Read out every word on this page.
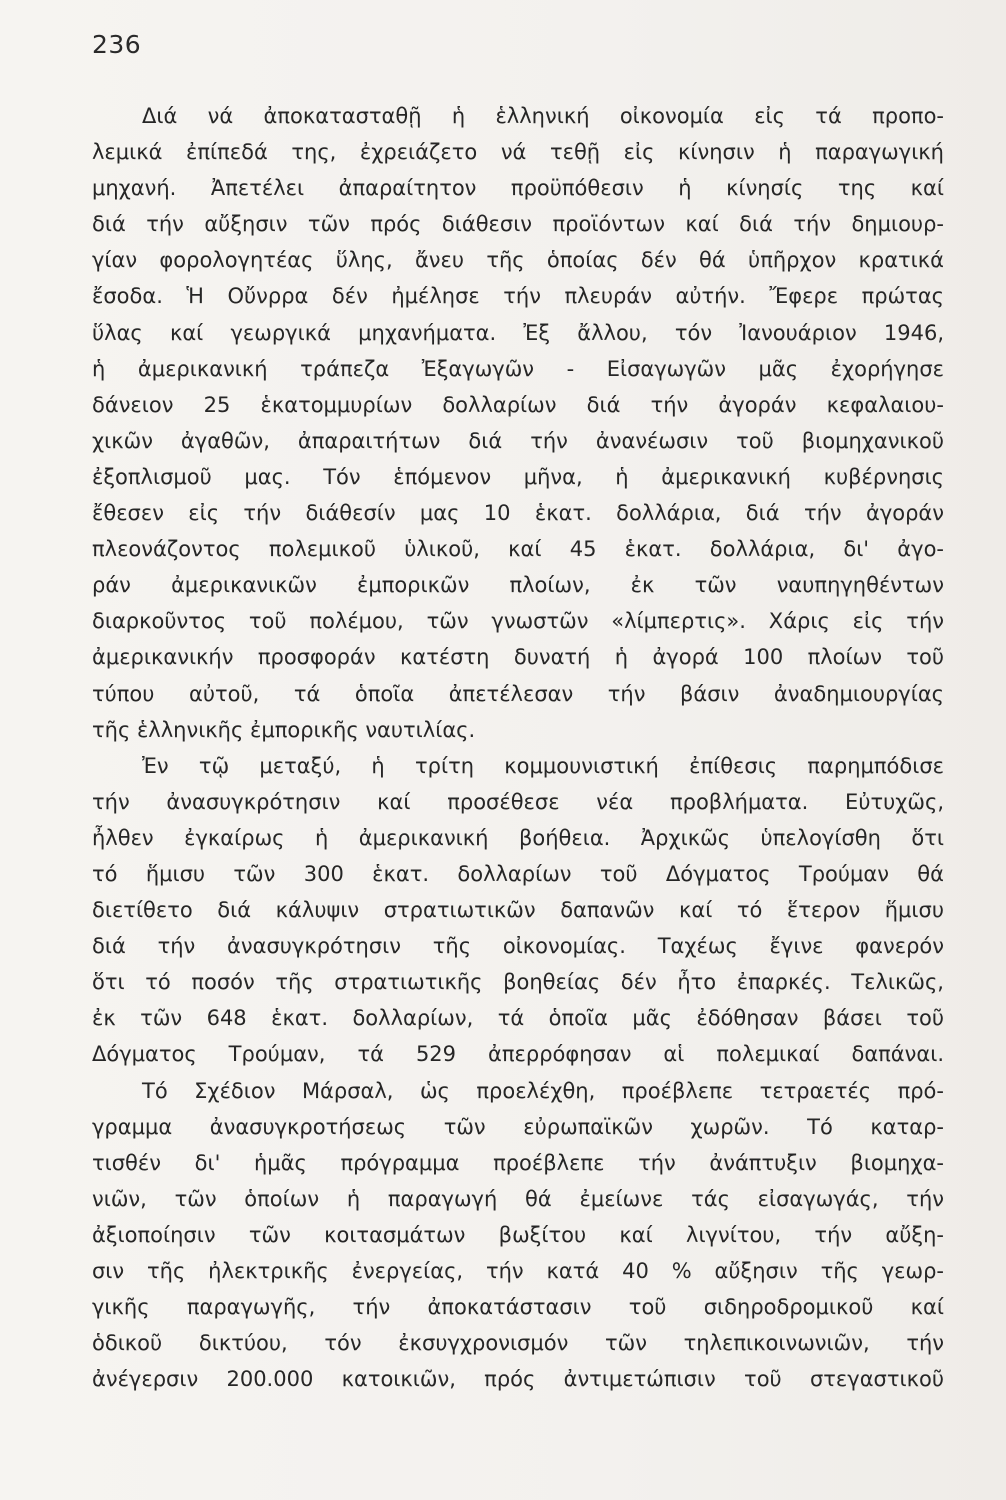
236
Διά νά ἀποκατασταθῇ ἡ ἑλληνική οἰκονομία εἰς τά προπο-
λεμικά ἐπίπεδά της, ἐχρειάζετο νά τεθῇ εἰς κίνησιν ἡ παραγωγική
μηχανή. Ἀπετέλει ἀπαραίτητον προϋπόθεσιν ἡ κίνησίς της καί
διά τήν αὔξησιν τῶν πρός διάθεσιν προϊόντων καί διά τήν δημιουρ-
γίαν φορολογητέας ὕλης, ἄνευ τῆς ὁποίας δέν θά ὑπῆρχον κρατικά
ἔσοδα. Ἡ Οὔνρρα δέν ἠμέλησε τήν πλευράν αὐτήν. Ἔφερε πρώτας
ὕλας καί γεωργικά μηχανήματα. Ἐξ ἄλλου, τόν Ἰανουάριον 1946,
ἡ ἀμερικανική τράπεζα Ἐξαγωγῶν - Εἰσαγωγῶν μᾶς ἐχορήγησε
δάνειον 25 ἑκατομμυρίων δολλαρίων διά τήν ἀγοράν κεφαλαιου-
χικῶν ἀγαθῶν, ἀπαραιτήτων διά τήν ἀνανέωσιν τοῦ βιομηχανικοῦ
ἐξοπλισμοῦ μας. Τόν ἑπόμενον μῆνα, ἡ ἀμερικανική κυβέρνησις
ἔθεσεν εἰς τήν διάθεσίν μας 10 ἑκατ. δολλάρια, διά τήν ἀγοράν
πλεονάζοντος πολεμικοῦ ὑλικοῦ, καί 45 ἑκατ. δολλάρια, δι' ἀγο-
ράν ἀμερικανικῶν ἐμπορικῶν πλοίων, ἐκ τῶν ναυπηγηθέντων
διαρκοῦντος τοῦ πολέμου, τῶν γνωστῶν «λίμπερτις». Χάρις εἰς τήν
ἀμερικανικήν προσφοράν κατέστη δυνατή ἡ ἀγορά 100 πλοίων τοῦ
τύπου αὐτοῦ, τά ὁποῖα ἀπετέλεσαν τήν βάσιν ἀναδημιουργίας
τῆς ἑλληνικῆς ἐμπορικῆς ναυτιλίας.
Ἐν τῷ μεταξύ, ἡ τρίτη κομμουνιστική ἐπίθεσις παρημπόδισε
τήν ἀνασυγκρότησιν καί προσέθεσε νέα προβλήματα. Εὐτυχῶς,
ἦλθεν ἐγκαίρως ἡ ἀμερικανική βοήθεια. Ἀρχικῶς ὑπελογίσθη ὅτι
τό ἥμισυ τῶν 300 ἑκατ. δολλαρίων τοῦ Δόγματος Τρούμαν θά
διετίθετο διά κάλυψιν στρατιωτικῶν δαπανῶν καί τό ἕτερον ἥμισυ
διά τήν ἀνασυγκρότησιν τῆς οἰκονομίας. Ταχέως ἔγινε φανερόν
ὅτι τό ποσόν τῆς στρατιωτικῆς βοηθείας δέν ἦτο ἐπαρκές. Τελικῶς,
ἐκ τῶν 648 ἑκατ. δολλαρίων, τά ὁποῖα μᾶς ἐδόθησαν βάσει τοῦ
Δόγματος Τρούμαν, τά 529 ἀπερρόφησαν αἱ πολεμικαί δαπάναι.
Τό Σχέδιον Μάρσαλ, ὡς προελέχθη, προέβλεπε τετραετές πρό-
γραμμα ἀνασυγκροτήσεως τῶν εὐρωπαϊκῶν χωρῶν. Τό καταρ-
τισθέν δι' ἡμᾶς πρόγραμμα προέβλεπε τήν ἀνάπτυξιν βιομηχα-
νιῶν, τῶν ὁποίων ἡ παραγωγή θά ἐμείωνε τάς εἰσαγωγάς, τήν
ἀξιοποίησιν τῶν κοιτασμάτων βωξίτου καί λιγνίτου, τήν αὔξη-
σιν τῆς ἠλεκτρικῆς ἐνεργείας, τήν κατά 40 % αὔξησιν τῆς γεωρ-
γικῆς παραγωγῆς, τήν ἀποκατάστασιν τοῦ σιδηροδρομικοῦ καί
ὁδικοῦ δικτύου, τόν ἐκσυγχρονισμόν τῶν τηλεπικοινωνιῶν, τήν
ἀνέγερσιν 200.000 κατοικιῶν, πρός ἀντιμετώπισιν τοῦ στεγαστικοῦ
